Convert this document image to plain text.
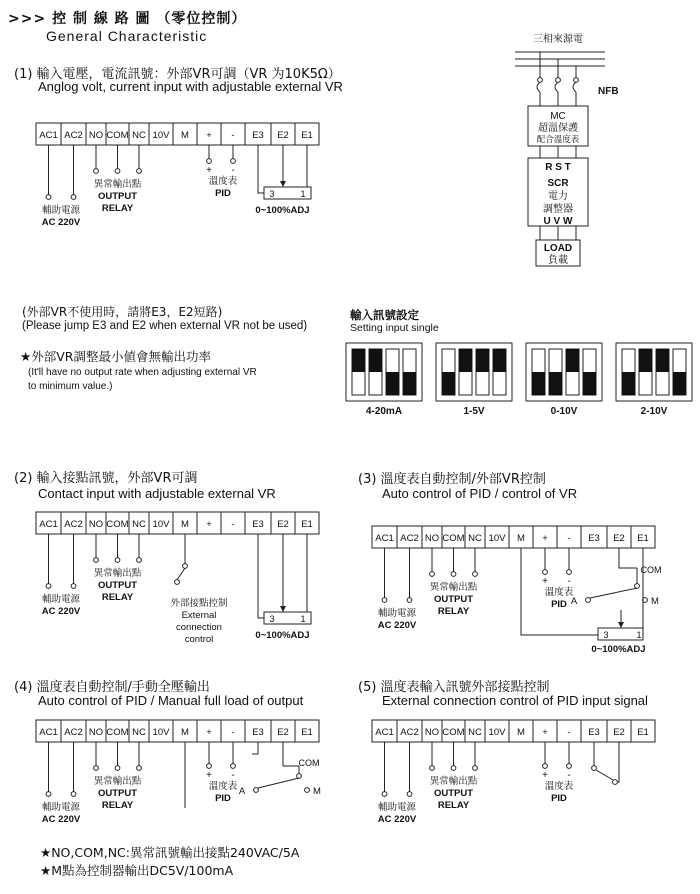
>>> 控 制 線 路 圖 （零位控制）
General Characteristic
(1) 輸入電壓，電流訊號：外部VR可調（VR 为10K5Ω）
Anglog volt, current input with adjustable external VR
(2) 輸入接點訊號，外部VR可調
Contact input with adjustable external VR
(3) 溫度表自動控制/外部VR控制
Auto control of PID / control of VR
(4) 溫度表自動控制/手動全壓輸出
Auto control of PID / Manual full load of output
(5) 溫度表輸入訊號外部接點控制
External connection control of PID input signal
(外部VR不使用時，請將E3，E2短路)
(Please jump E3 and E2 when external VR not be used)
★外部VR調整最小値會無輸出功率
(It'll have no output rate when adjusting external VR
to minimum value.)
輸入訊號設定
Setting input single
★NO,COM,NC:異常訊號輸出接點240VAC/5A
★M點為控制器輸出DC5V/100mA
AC1 AC2 NO COM NC 10V M + - E3 E2 E1
輔助電源
AC 220V
異常輸出點
OUTPUT
RELAY
+ -
溫度表
PID	3	1
0~100%ADJ
AC1 AC2 NO COM NC 10V M + - E3 E2 E1
輔助電源
AC 220V
異常輸出點
OUTPUT
RELAY
外部接點控制
External
connection
control
3	1
0~100%ADJ
AC1 AC2 NO COM NC 10V M + - E3 E2 E1
輔助電源
AC 220V
異常輸出點
OUTPUT
RELAY
+ -
溫度表
PID
COM
A	M
3	1
0~100%ADJ
AC1 AC2 NO COM NC 10V M + - E3 E2 E1
輔助電源
AC 220V
異常輸出點
OUTPUT
RELAY
+ -
溫度表
PID
COM
A	M
AC1 AC2 NO COM NC 10V M + - E3 E2 E1
輔助電源
AC 220V
異常輸出點
OUTPUT
RELAY
+ -
溫度表
PID
三相來源電
NFB
MC
超溫保護
配合溫度表
R S T
SCR
電力
調整器
U V W
LOAD
負載
4-20mA	1-5V	0-10V	2-10V
